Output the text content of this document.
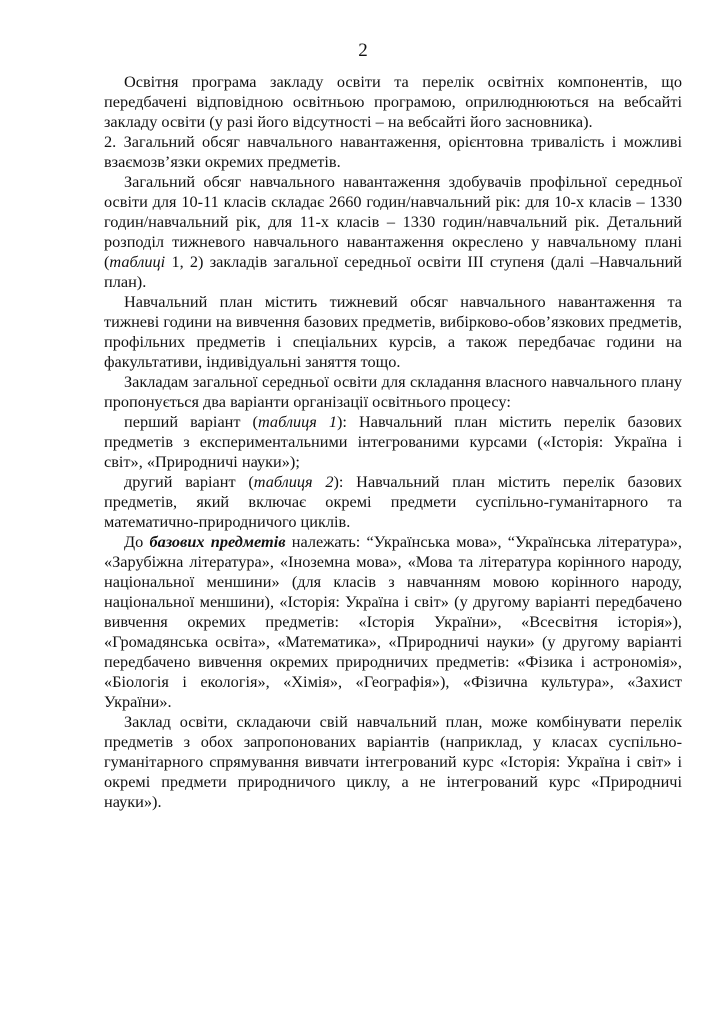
2

Освітня програма закладу освіти та перелік освітніх компонентів, що передбачені відповідною освітньою програмою, оприлюднюються на вебсайті закладу освіти (у разі його відсутності – на вебсайті його засновника).

2. Загальний обсяг навчального навантаження, орієнтовна тривалість і можливі взаємозв’язки окремих предметів.

Загальний обсяг навчального навантаження здобувачів профільної середньої освіти для 10-11 класів складає 2660 годин/навчальний рік: для 10-х класів – 1330 годин/навчальний рік, для 11-х класів – 1330 годин/навчальний рік. Детальний розподіл тижневого навчального навантаження окреслено у навчальному плані (таблиці 1, 2) закладів загальної середньої освіти ІІІ ступеня (далі –Навчальний план).

Навчальний план містить тижневий обсяг навчального навантаження та тижневі години на вивчення базових предметів, вибірково-обов’язкових предметів, профільних предметів і спеціальних курсів, а також передбачає години на факультативи, індивідуальні заняття тощо.

Закладам загальної середньої освіти для складання власного навчального плану пропонується два варіанти організації освітнього процесу:

перший варіант (таблиця 1): Навчальний план містить перелік базових предметів з експериментальними інтегрованими курсами («Історія: Україна і світ», «Природничі науки»);

другий варіант (таблиця 2): Навчальний план містить перелік базових предметів, який включає окремі предмети суспільно-гуманітарного та математично-природничого циклів.

До базових предметів належать: “Українська мова», “Українська література», «Зарубіжна література», «Іноземна мова», «Мова та література корінного народу, національної меншини» (для класів з навчанням мовою корінного народу, національної меншини), «Історія: Україна і світ» (у другому варіанті передбачено вивчення окремих предметів: «Історія України», «Всесвітня історія»), «Громадянська освіта», «Математика», «Природничі науки» (у другому варіанті передбачено вивчення окремих природничих предметів: «Фізика і астрономія», «Біологія і екологія», «Хімія», «Географія»), «Фізична культура», «Захист України».

Заклад освіти, складаючи свій навчальний план, може комбінувати перелік предметів з обох запропонованих варіантів (наприклад, у класах суспільно-гуманітарного спрямування вивчати інтегрований курс «Історія: Україна і світ» і окремі предмети природничого циклу, а не інтегрований курс «Природничі науки»).
